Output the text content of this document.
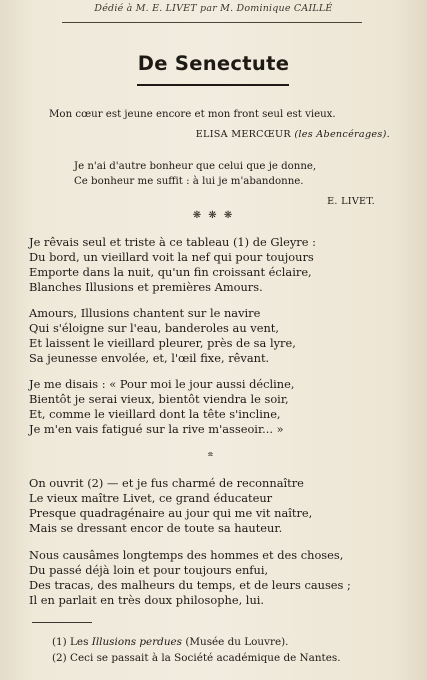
Dédié à M. E. LIVET par M. Dominique CAILLÉ
De Senectute
Mon cœur est jeune encore et mon front seul est vieux.
ELISA MERCŒUR (les Abencérages).
Je n'ai d'autre bonheur que celui que je donne,
Ce bonheur me suffit : à lui je m'abandonne.
E. LIVET.
❋ ❋ ❋
Je rêvais seul et triste à ce tableau (1) de Gleyre :
Du bord, un vieillard voit la nef qui pour toujours
Emporte dans la nuit, qu'un fin croissant éclaire,
Blanches Illusions et premières Amours.
Amours, Illusions chantent sur le navire
Qui s'éloigne sur l'eau, banderoles au vent,
Et laissent le vieillard pleurer, près de sa lyre,
Sa jeunesse envolée, et, l'œil fixe, rêvant.
Je me disais : « Pour moi le jour aussi décline,
Bientôt je serai vieux, bientôt viendra le soir,
Et, comme le vieillard dont la tête s'incline,
Je m'en vais fatigué sur la rive m'asseoir... »
On ouvrit (2) — et je fus charmé de reconnaître
Le vieux maître Livet, ce grand éducateur
Presque quadragénaire au jour qui me vit naître,
Mais se dressant encor de toute sa hauteur.
Nous causâmes longtemps des hommes et des choses,
Du passé déjà loin et pour toujours enfui,
Des tracas, des malheurs du temps, et de leurs causes ;
Il en parlait en très doux philosophe, lui.
(1) Les Illusions perdues (Musée du Louvre).
(2) Ceci se passait à la Société académique de Nantes.
